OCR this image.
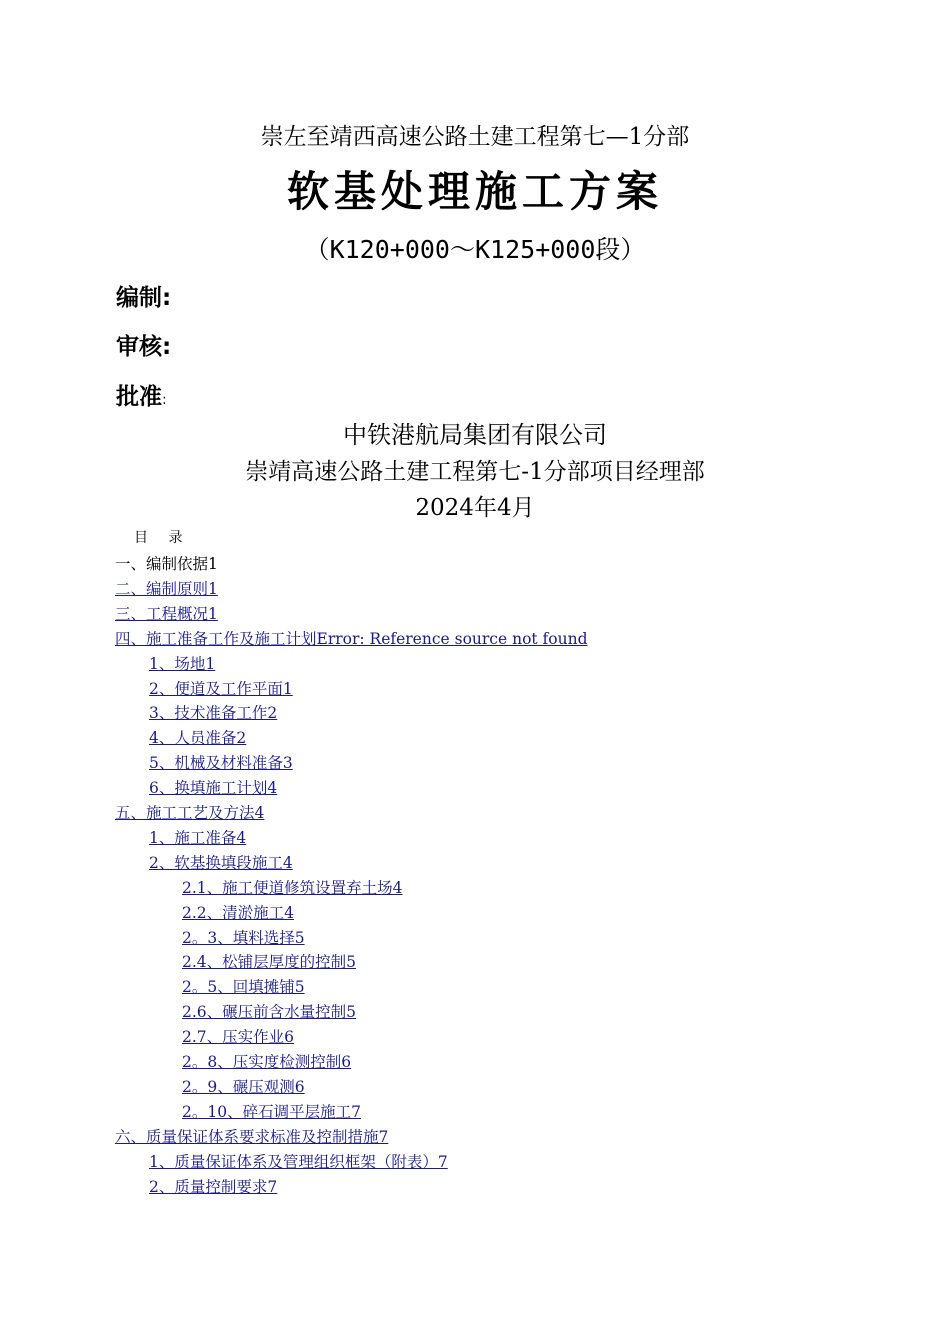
崇左至靖西高速公路土建工程第七—1分部
软基处理施工方案
（K120+000～K125+000段）
编制:
审核:
批准:
中铁港航局集团有限公司
崇靖高速公路土建工程第七-1分部项目经理部
2024年4月
目 录
一、编制依据1
二、编制原则1
三、工程概况1
四、施工准备工作及施工计划Error: Reference source not found
1、场地1
2、便道及工作平面1
3、技术准备工作2
4、人员准备2
5、机械及材料准备3
6、换填施工计划4
五、施工工艺及方法4
1、施工准备4
2、软基换填段施工4
2.1、施工便道修筑设置弃土场4
2.2、清淤施工4
2。3、填料选择5
2.4、松铺层厚度的控制5
2。5、回填摊铺5
2.6、碾压前含水量控制5
2.7、压实作业6
2。8、压实度检测控制6
2。9、碾压观测6
2。10、碎石调平层施工7
六、质量保证体系要求标准及控制措施7
1、质量保证体系及管理组织框架（附表）7
2、质量控制要求7
